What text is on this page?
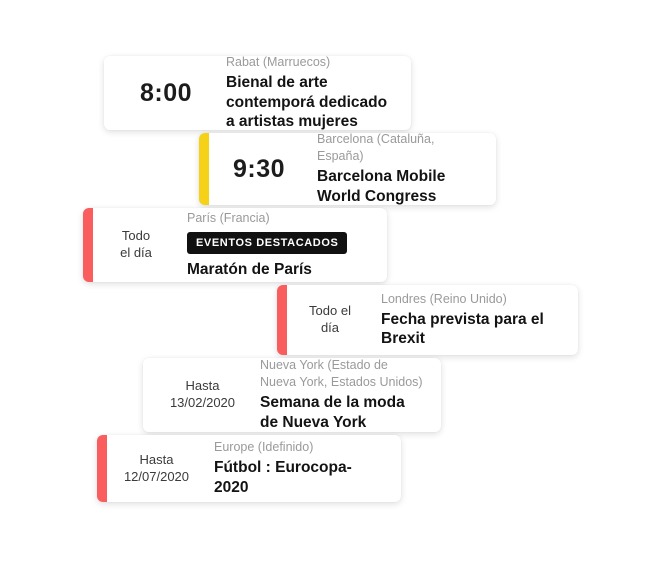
8:00
Rabat (Marruecos)
Bienal de arte contemporá dedicado a artistas mujeres
9:30
Barcelona (Cataluña, España)
Barcelona Mobile World Congress
Todo
el día
París (Francia)
EVENTOS DESTACADOS
Maratón de París
Todo el
día
Londres (Reino Unido)
Fecha prevista para el Brexit
Hasta
13/02/2020
Nueva York (Estado de Nueva York, Estados Unidos)
Semana de la moda de Nueva York
Hasta
12/07/2020
Europe (Idefinido)
Fútbol : Eurocopa-2020
